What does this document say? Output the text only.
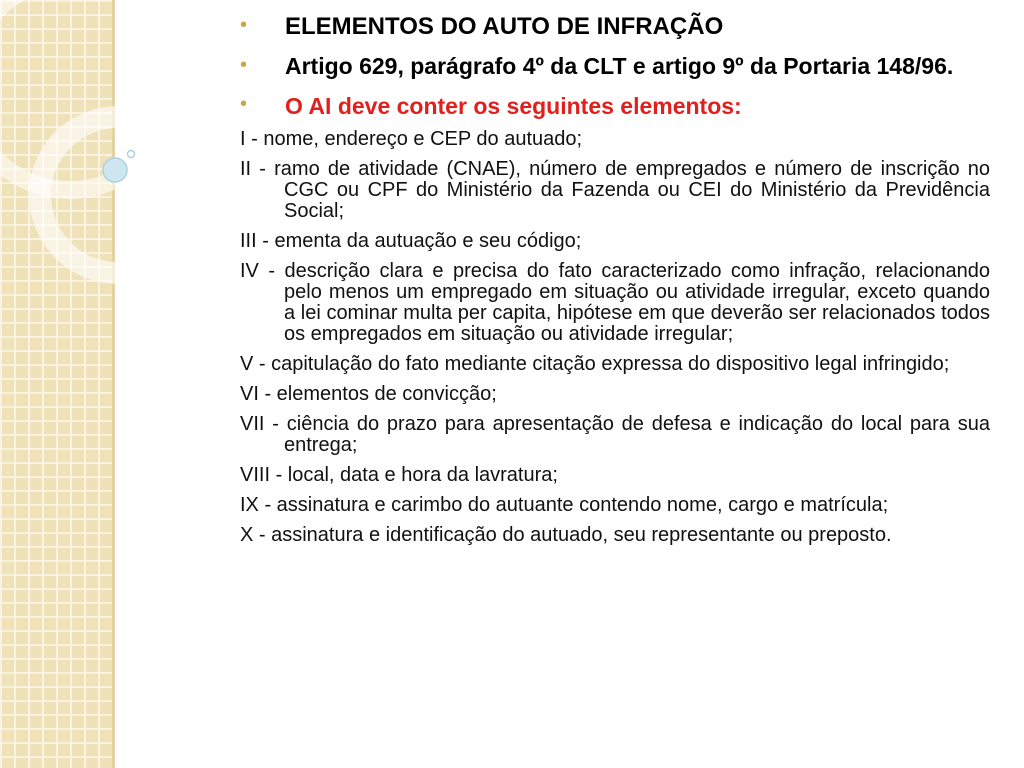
• ELEMENTOS DO AUTO DE INFRAÇÃO
• Artigo 629, parágrafo 4º da CLT e artigo 9º da Portaria 148/96.
• O AI deve conter os seguintes elementos:
I - nome, endereço e CEP do autuado;
II - ramo de atividade (CNAE), número de empregados e número de inscrição no CGC ou CPF do Ministério da Fazenda ou CEI do Ministério da Previdência Social;
III - ementa da autuação e seu código;
IV - descrição clara e precisa do fato caracterizado como infração, relacionando pelo menos um empregado em situação ou atividade irregular, exceto quando a lei cominar multa per capita, hipótese em que deverão ser relacionados todos os empregados em situação ou atividade irregular;
V - capitulação do fato mediante citação expressa do dispositivo legal infringido;
VI - elementos de convicção;
VII - ciência do prazo para apresentação de defesa e indicação do local para sua entrega;
VIII - local, data e hora da lavratura;
IX - assinatura e carimbo do autuante contendo nome, cargo e matrícula;
X - assinatura e identificação do autuado, seu representante ou preposto.
